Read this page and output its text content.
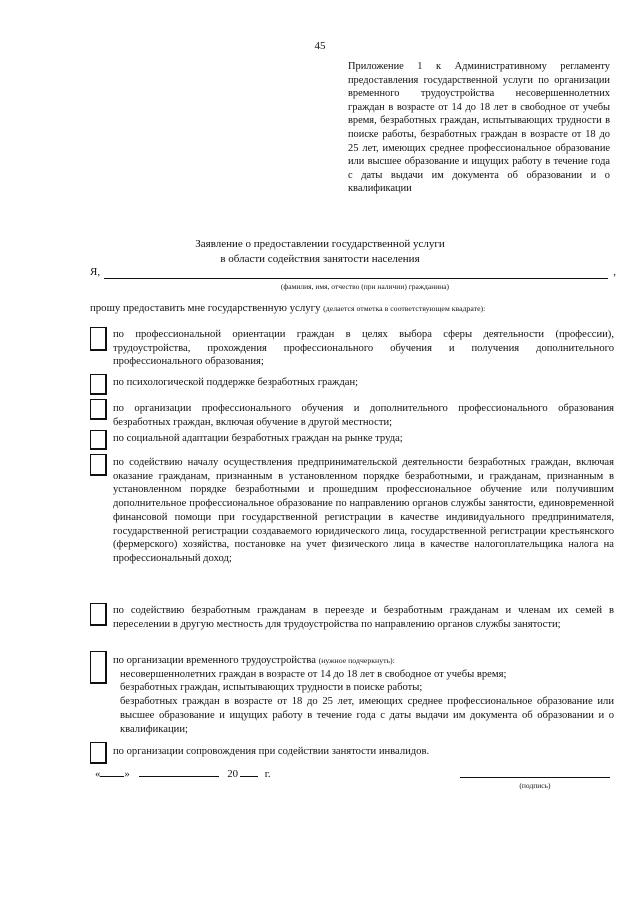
45
Приложение 1 к Административному регламенту предоставления государственной услуги по организации временного трудоустройства несовершеннолетних граждан в возрасте от 14 до 18 лет в свободное от учебы время, безработных граждан, испытывающих трудности в поиске работы, безработных граждан в возрасте от 18 до 25 лет, имеющих среднее профессиональное образование или высшее образование и ищущих работу в течение года с даты выдачи им документа об образовании и о квалификации
Заявление о предоставлении государственной услуги
в области содействия занятости населения
Я,	,
(фамилия, имя, отчество (при наличии) гражданина)
прошу предоставить мне государственную услугу (делается отметка в соответствующем квадрате):
по профессиональной ориентации граждан в целях выбора сферы деятельности (профессии), трудоустройства, прохождения профессионального обучения и получения дополнительного профессионального образования;
по психологической поддержке безработных граждан;
по организации профессионального обучения и дополнительного профессионального образования безработных граждан, включая обучение в другой местности;
по социальной адаптации безработных граждан на рынке труда;
по содействию началу осуществления предпринимательской деятельности безработных граждан, включая оказание гражданам, признанным в установленном порядке безработными, и гражданам, признанным в установленном порядке безработными и прошедшим профессиональное обучение или получившим дополнительное профессиональное образование по направлению органов службы занятости, единовременной финансовой помощи при государственной регистрации в качестве индивидуального предпринимателя, государственной регистрации создаваемого юридического лица, государственной регистрации крестьянского (фермерского) хозяйства, постановке на учет физического лица в качестве налогоплательщика налога на профессиональный доход;
по содействию безработным гражданам в переезде и безработным гражданам и членам их семей в переселении в другую местность для трудоустройства по направлению органов службы занятости;
по организации временного трудоустройства (нужное подчеркнуть):
несовершеннолетних граждан в возрасте от 14 до 18 лет в свободное от учебы время;
безработных граждан, испытывающих трудности в поиске работы;
безработных граждан в возрасте от 18 до 25 лет, имеющих среднее профессиональное образование или высшее образование и ищущих работу в течение года с даты выдачи им документа об образовании и о квалификации;
по организации сопровождения при содействии занятости инвалидов.
« »	20 г.
(подпись)
